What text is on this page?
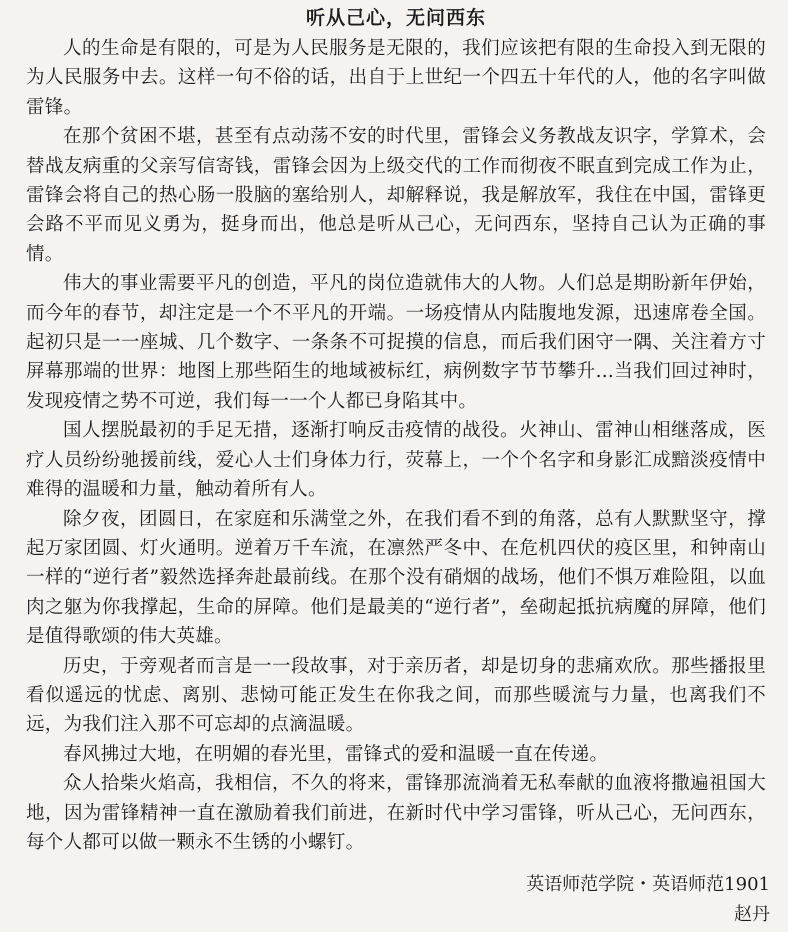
听从己心，无问西东

人的生命是有限的，可是为人民服务是无限的，我们应该把有限的生命投入到无限的为人民服务中去。这样一句不俗的话，出自于上世纪一个四五十年代的人，他的名字叫做雷锋。

在那个贫困不堪，甚至有点动荡不安的时代里，雷锋会义务教战友识字，学算术，会替战友病重的父亲写信寄钱，雷锋会因为上级交代的工作而彻夜不眠直到完成工作为止，雷锋会将自己的热心肠一股脑的塞给别人，却解释说，我是解放军，我住在中国，雷锋更会路不平而见义勇为，挺身而出，他总是听从己心，无问西东，坚持自己认为正确的事情。

伟大的事业需要平凡的创造，平凡的岗位造就伟大的人物。人们总是期盼新年伊始，而今年的春节，却注定是一个不平凡的开端。一场疫情从内陆腹地发源，迅速席卷全国。起初只是一一座城、几个数字、一条条不可捉摸的信息，而后我们困守一隅、关注着方寸屏幕那端的世界：地图上那些陌生的地域被标红，病例数字节节攀升...当我们回过神时，发现疫情之势不可逆，我们每一一个人都已身陷其中。

国人摆脱最初的手足无措，逐渐打响反击疫情的战役。火神山、雷神山相继落成，医疗人员纷纷驰援前线，爱心人士们身体力行，荧幕上，一个个名字和身影汇成黯淡疫情中难得的温暖和力量，触动着所有人。

除夕夜，团圆日，在家庭和乐满堂之外，在我们看不到的角落，总有人默默坚守，撑起万家团圆、灯火通明。逆着万千车流，在凛然严冬中、在危机四伏的疫区里，和钟南山一样的“逆行者”毅然选择奔赴最前线。在那个没有硝烟的战场，他们不惧万难险阻，以血肉之躯为你我撑起，生命的屏障。他们是最美的“逆行者”，垒砌起抵抗病魔的屏障，他们是值得歌颂的伟大英雄。

历史，于旁观者而言是一一段故事，对于亲历者，却是切身的悲痛欢欣。那些播报里看似遥远的忧虑、离别、悲恸可能正发生在你我之间，而那些暖流与力量，也离我们不远，为我们注入那不可忘却的点滴温暖。

春风拂过大地，在明媚的春光里，雷锋式的爱和温暖一直在传递。

众人拾柴火焰高，我相信，不久的将来，雷锋那流淌着无私奉献的血液将撒遍祖国大地，因为雷锋精神一直在激励着我们前进，在新时代中学习雷锋，听从己心，无问西东，每个人都可以做一颗永不生锈的小螺钉。

英语师范学院・英语师范1901
赵丹
